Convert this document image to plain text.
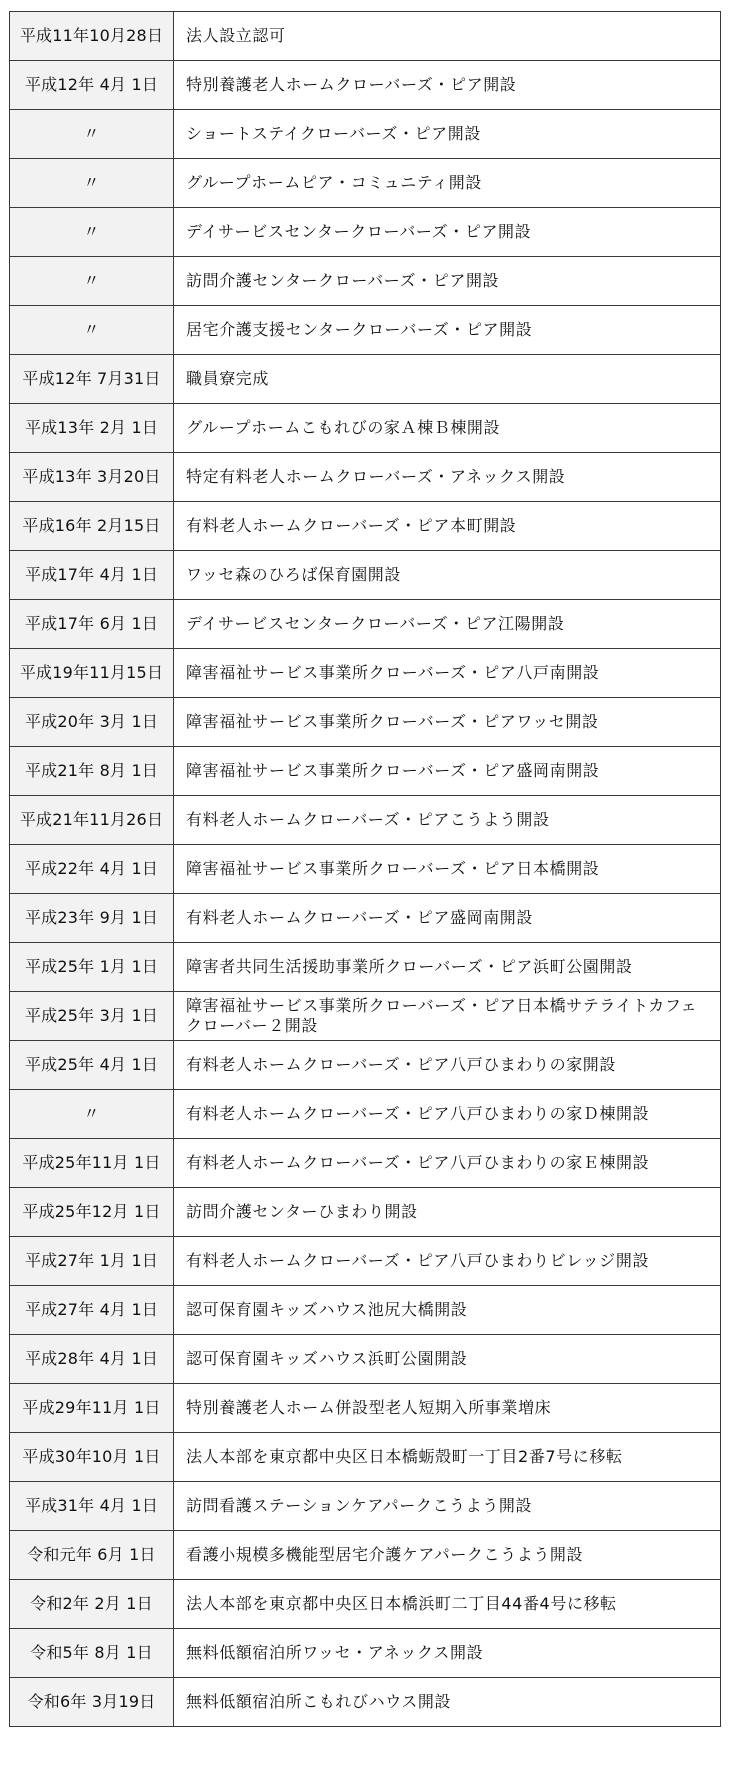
平成11年10月28日	法人設立認可
平成12年 4月 1日	特別養護老人ホームクローバーズ・ピア開設
〃	ショートステイクローバーズ・ピア開設
〃	グループホームピア・コミュニティ開設
〃	デイサービスセンタークローバーズ・ピア開設
〃	訪問介護センタークローバーズ・ピア開設
〃	居宅介護支援センタークローバーズ・ピア開設
平成12年 7月31日	職員寮完成
平成13年 2月 1日	グループホームこもれびの家Ａ棟Ｂ棟開設
平成13年 3月20日	特定有料老人ホームクローバーズ・アネックス開設
平成16年 2月15日	有料老人ホームクローバーズ・ピア本町開設
平成17年 4月 1日	ワッセ森のひろば保育園開設
平成17年 6月 1日	デイサービスセンタークローバーズ・ピア江陽開設
平成19年11月15日	障害福祉サービス事業所クローバーズ・ピア八戸南開設
平成20年 3月 1日	障害福祉サービス事業所クローバーズ・ピアワッセ開設
平成21年 8月 1日	障害福祉サービス事業所クローバーズ・ピア盛岡南開設
平成21年11月26日	有料老人ホームクローバーズ・ピアこうよう開設
平成22年 4月 1日	障害福祉サービス事業所クローバーズ・ピア日本橋開設
平成23年 9月 1日	有料老人ホームクローバーズ・ピア盛岡南開設
平成25年 1月 1日	障害者共同生活援助事業所クローバーズ・ピア浜町公園開設
平成25年 3月 1日	障害福祉サービス事業所クローバーズ・ピア日本橋サテライトカフェクローバー２開設
平成25年 4月 1日	有料老人ホームクローバーズ・ピア八戸ひまわりの家開設
〃	有料老人ホームクローバーズ・ピア八戸ひまわりの家Ｄ棟開設
平成25年11月 1日	有料老人ホームクローバーズ・ピア八戸ひまわりの家Ｅ棟開設
平成25年12月 1日	訪問介護センターひまわり開設
平成27年 1月 1日	有料老人ホームクローバーズ・ピア八戸ひまわりビレッジ開設
平成27年 4月 1日	認可保育園キッズハウス池尻大橋開設
平成28年 4月 1日	認可保育園キッズハウス浜町公園開設
平成29年11月 1日	特別養護老人ホーム併設型老人短期入所事業増床
平成30年10月 1日	法人本部を東京都中央区日本橋蛎殻町一丁目2番7号に移転
平成31年 4月 1日	訪問看護ステーションケアパークこうよう開設
令和元年 6月 1日	看護小規模多機能型居宅介護ケアパークこうよう開設
令和2年 2月 1日	法人本部を東京都中央区日本橋浜町二丁目44番4号に移転
令和5年 8月 1日	無料低額宿泊所ワッセ・アネックス開設
令和6年 3月19日	無料低額宿泊所こもれびハウス開設
